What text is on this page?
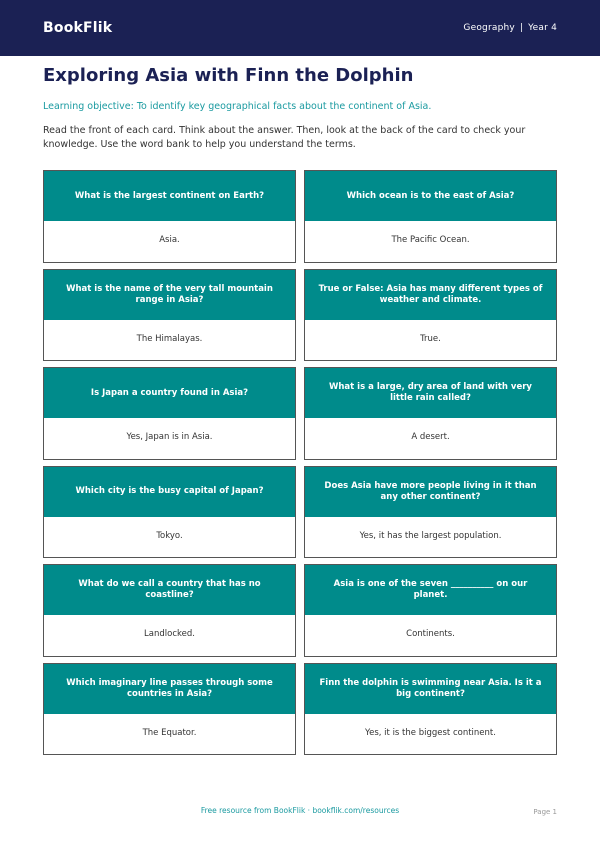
BookFlik	Geography | Year 4
Exploring Asia with Finn the Dolphin

Learning objective: To identify key geographical facts about the continent of Asia.

Read the front of each card. Think about the answer. Then, look at the back of the card to check your knowledge. Use the word bank to help you understand the terms.

What is the largest continent on Earth?
Asia.
Which ocean is to the east of Asia?
The Pacific Ocean.
What is the name of the very tall mountain range in Asia?
The Himalayas.
True or False: Asia has many different types of weather and climate.
True.
Is Japan a country found in Asia?
Yes, Japan is in Asia.
What is a large, dry area of land with very little rain called?
A desert.
Which city is the busy capital of Japan?
Tokyo.
Does Asia have more people living in it than any other continent?
Yes, it has the largest population.
What do we call a country that has no coastline?
Landlocked.
Asia is one of the seven __________ on our planet.
Continents.
Which imaginary line passes through some countries in Asia?
The Equator.
Finn the dolphin is swimming near Asia. Is it a big continent?
Yes, it is the biggest continent.
Free resource from BookFlik · bookflik.com/resources	Page 1
